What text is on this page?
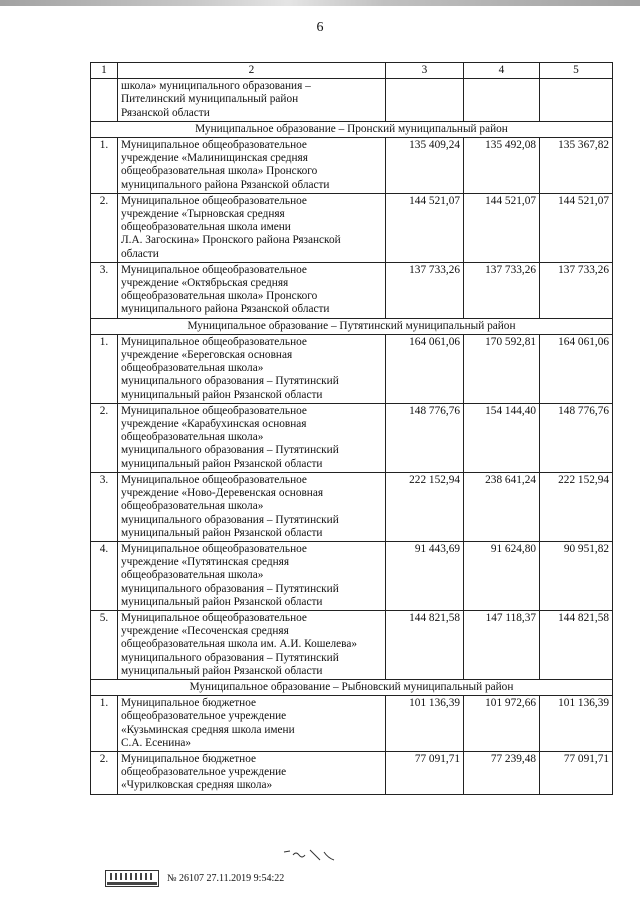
6
1	2	3	4	5
	школа» муниципального образования –
Пителинский муниципальный район
Рязанской области			
Муниципальное образование – Пронский муниципальный район				
1.	Муниципальное общеобразовательное
учреждение «Малинищинская средняя
общеобразовательная школа» Пронского
муниципального района Рязанской области	135 409,24	135 492,08	135 367,82
2.	Муниципальное общеобразовательное
учреждение «Тырновская средняя
общеобразовательная школа имени
Л.А. Загоскина» Пронского района Рязанской
области	144 521,07	144 521,07	144 521,07
3.	Муниципальное общеобразовательное
учреждение «Октябрьская средняя
общеобразовательная школа» Пронского
муниципального района Рязанской области	137 733,26	137 733,26	137 733,26
Муниципальное образование – Путятинский муниципальный район				
1.	Муниципальное общеобразовательное
учреждение «Береговская основная
общеобразовательная школа»
муниципального образования – Путятинский
муниципальный район Рязанской области	164 061,06	170 592,81	164 061,06
2.	Муниципальное общеобразовательное
учреждение «Карабухинская основная
общеобразовательная школа»
муниципального образования – Путятинский
муниципальный район Рязанской области	148 776,76	154 144,40	148 776,76
3.	Муниципальное общеобразовательное
учреждение «Ново-Деревенская основная
общеобразовательная школа»
муниципального образования – Путятинский
муниципальный район Рязанской области	222 152,94	238 641,24	222 152,94
4.	Муниципальное общеобразовательное
учреждение «Путятинская средняя
общеобразовательная школа»
муниципального образования – Путятинский
муниципальный район Рязанской области	91 443,69	91 624,80	90 951,82
5.	Муниципальное общеобразовательное
учреждение «Песоченская средняя
общеобразовательная школа им. А.И. Кошелева»
муниципального образования – Путятинский
муниципальный район Рязанской области	144 821,58	147 118,37	144 821,58
Муниципальное образование – Рыбновский муниципальный район				
1.	Муниципальное бюджетное
общеобразовательное учреждение
«Кузьминская средняя школа имени
С.А. Есенина»	101 136,39	101 972,66	101 136,39
2.	Муниципальное бюджетное
общеобразовательное учреждение
«Чурилковская средняя школа»	77 091,71	77 239,48	77 091,71
№ 26107 27.11.2019 9:54:22
